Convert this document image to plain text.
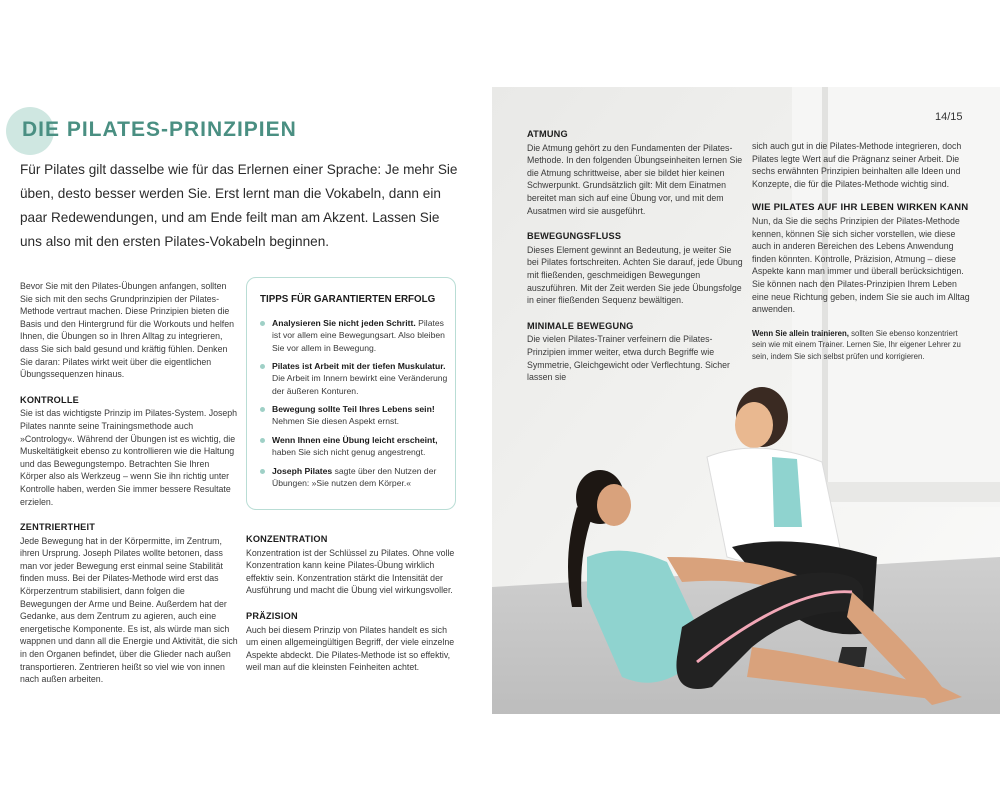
DIE PILATES-PRINZIPIEN
Für Pilates gilt dasselbe wie für das Erlernen einer Sprache: Je mehr Sie üben, desto besser werden Sie. Erst lernt man die Vokabeln, dann ein paar Redewendungen, und am Ende feilt man am Akzent. Lassen Sie uns also mit den ersten Pilates-Vokabeln beginnen.

Bevor Sie mit den Pilates-Übungen anfangen, sollten Sie sich mit den sechs Grundprinzipien der Pilates-Methode vertraut machen. Diese Prinzipien bieten die Basis und den Hintergrund für die Workouts und helfen Ihnen, die Übungen so in Ihren Alltag zu integrieren, dass Sie sich bald gesund und kräftig fühlen. Denken Sie daran: Pilates wirkt weit über die eigentlichen Übungssequenzen hinaus.

KONTROLLE

Sie ist das wichtigste Prinzip im Pilates-System. Joseph Pilates nannte seine Trainingsmethode auch »Contrology«. Während der Übungen ist es wichtig, die Muskeltätigkeit ebenso zu kontrollieren wie die Haltung und das Bewegungstempo. Betrachten Sie Ihren Körper also als Werkzeug – wenn Sie ihn richtig unter Kontrolle haben, werden Sie immer bessere Resultate erzielen.

ZENTRIERTHEIT

Jede Bewegung hat in der Körpermitte, im Zentrum, ihren Ursprung. Joseph Pilates wollte betonen, dass man vor jeder Bewegung erst einmal seine Stabilität finden muss. Bei der Pilates-Methode wird erst das Körperzentrum stabilisiert, dann folgen die Bewegungen der Arme und Beine. Außerdem hat der Gedanke, aus dem Zentrum zu agieren, auch eine energetische Komponente. Es ist, als würde man sich wappnen und dann all die Energie und Aktivität, die sich in den Organen befindet, über die Glieder nach außen transportieren. Zentrieren heißt so viel wie von innen nach außen arbeiten.

TIPPS FÜR GARANTIERTEN ERFOLG
Analysieren Sie nicht jeden Schritt. Pilates ist vor allem eine Bewegungsart. Also bleiben Sie vor allem in Bewegung.
Pilates ist Arbeit mit der tiefen Muskulatur. Die Arbeit im Innern bewirkt eine Veränderung der äußeren Konturen.
Bewegung sollte Teil Ihres Lebens sein! Nehmen Sie diesen Aspekt ernst.
Wenn Ihnen eine Übung leicht erscheint, haben Sie sich nicht genug angestrengt.
Joseph Pilates sagte über den Nutzen der Übungen: »Sie nutzen dem Körper.«
KONZENTRATION

Konzentration ist der Schlüssel zu Pilates. Ohne volle Konzentration kann keine Pilates-Übung wirklich effektiv sein. Konzentration stärkt die Intensität der Ausführung und macht die Übung viel wirkungsvoller.

PRÄZISION

Auch bei diesem Prinzip von Pilates handelt es sich um einen allgemeingültigen Begriff, der viele einzelne Aspekte abdeckt. Die Pilates-Methode ist so effektiv, weil man auf die kleinsten Feinheiten achtet.

14/15
ATMUNG

Die Atmung gehört zu den Fundamenten der Pilates-Methode. In den folgenden Übungseinheiten lernen Sie die Atmung schrittweise, aber sie bildet hier keinen Schwerpunkt. Grundsätzlich gilt: Mit dem Einatmen bereitet man sich auf eine Übung vor, und mit dem Ausatmen wird sie ausgeführt.

BEWEGUNGSFLUSS

Dieses Element gewinnt an Bedeutung, je weiter Sie bei Pilates fortschreiten. Achten Sie darauf, jede Übung mit fließenden, geschmeidigen Bewegungen auszuführen. Mit der Zeit werden Sie jede Übungsfolge in einer fließenden Sequenz bewältigen.

MINIMALE BEWEGUNG

Die vielen Pilates-Trainer verfeinern die Pilates-Prinzipien immer weiter, etwa durch Begriffe wie Symmetrie, Gleichgewicht oder Verflechtung. Sicher lassen sie

sich auch gut in die Pilates-Methode integrieren, doch Pilates legte Wert auf die Prägnanz seiner Arbeit. Die sechs erwähnten Prinzipien beinhalten alle Ideen und Konzepte, die für die Pilates-Methode wichtig sind.

WIE PILATES AUF IHR LEBEN WIRKEN KANN

Nun, da Sie die sechs Prinzipien der Pilates-Methode kennen, können Sie sich sicher vorstellen, wie diese auch in anderen Bereichen des Lebens Anwendung finden könnten. Kontrolle, Präzision, Atmung – diese Aspekte kann man immer und überall berücksichtigen. Sie können nach den Pilates-Prinzipien Ihrem Leben eine neue Richtung geben, indem Sie sie auch im Alltag anwenden.

Wenn Sie allein trainieren, sollten Sie ebenso konzentriert sein wie mit einem Trainer. Lernen Sie, Ihr eigener Lehrer zu sein, indem Sie sich selbst prüfen und korrigieren.
